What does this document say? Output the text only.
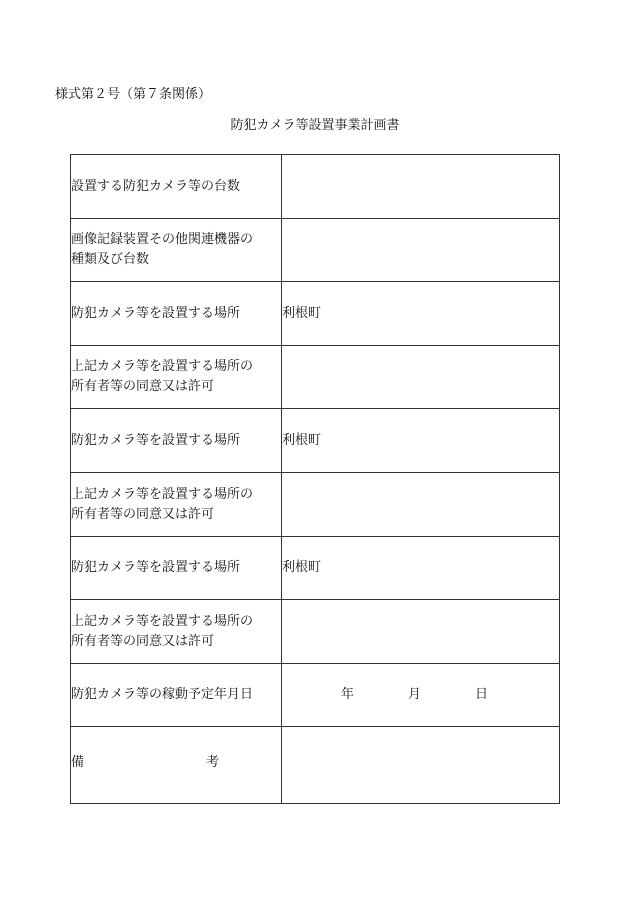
様式第２号（第７条関係）
防犯カメラ等設置事業計画書
設置する防犯カメラ等の台数	

画像記録装置その他関連機器の
種類及び台数	

防犯カメラ等を設置する場所	利根町

上記カメラ等を設置する場所の
所有者等の同意又は許可	

防犯カメラ等を設置する場所	利根町

上記カメラ等を設置する場所の
所有者等の同意又は許可	

防犯カメラ等を設置する場所	利根町

上記カメラ等を設置する場所の
所有者等の同意又は許可	

防犯カメラ等の稼動予定年月日	年 月 日

備 考	
